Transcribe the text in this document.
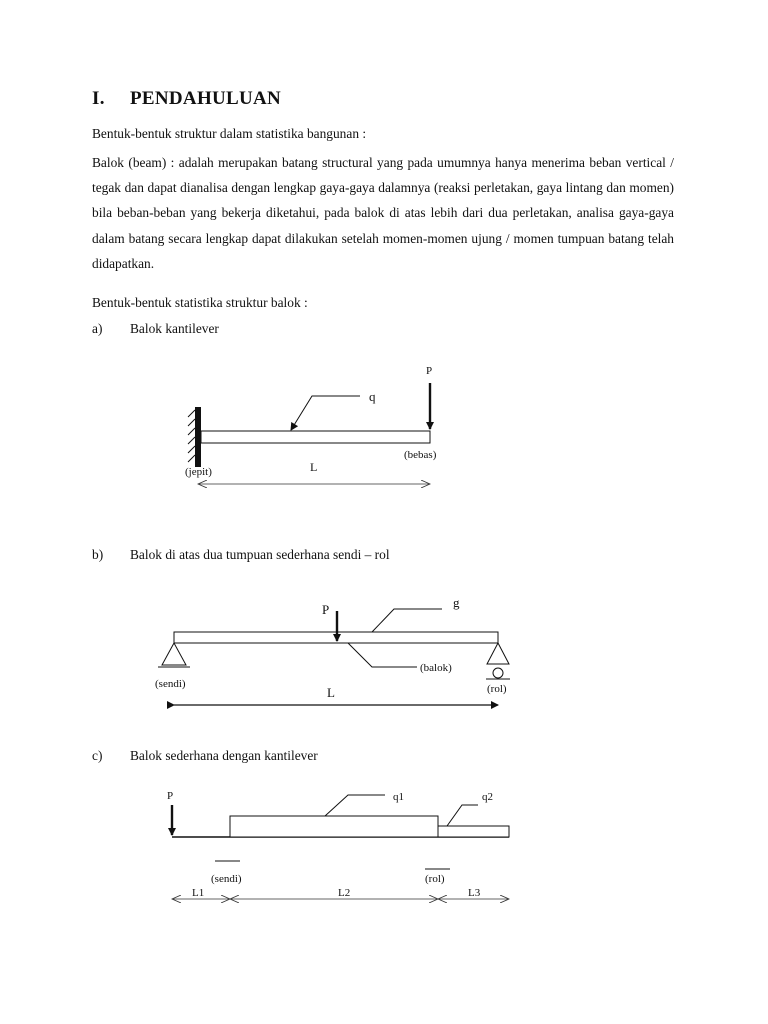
I. PENDAHULUAN
Bentuk-bentuk struktur dalam statistika bangunan :
Balok (beam) : adalah merupakan batang structural yang pada umumnya hanya menerima beban vertical / tegak dan dapat dianalisa dengan lengkap gaya-gaya dalamnya (reaksi perletakan, gaya lintang dan momen) bila beban-beban yang bekerja diketahui, pada balok di atas lebih dari dua perletakan, analisa gaya-gaya dalam batang secara lengkap dapat dilakukan setelah momen-momen ujung / momen tumpuan batang telah didapatkan.
Bentuk-bentuk statistika struktur balok :
a) Balok kantilever
b) Balok di atas dua tumpuan sederhana sendi – rol
c) Balok sederhana dengan kantilever
P
q
(jepit)
(bebas)
L
P	g
(balok)
(sendi)	(rol)
L
P	q1	q2
(sendi)	(rol)
L1	L2	L3
